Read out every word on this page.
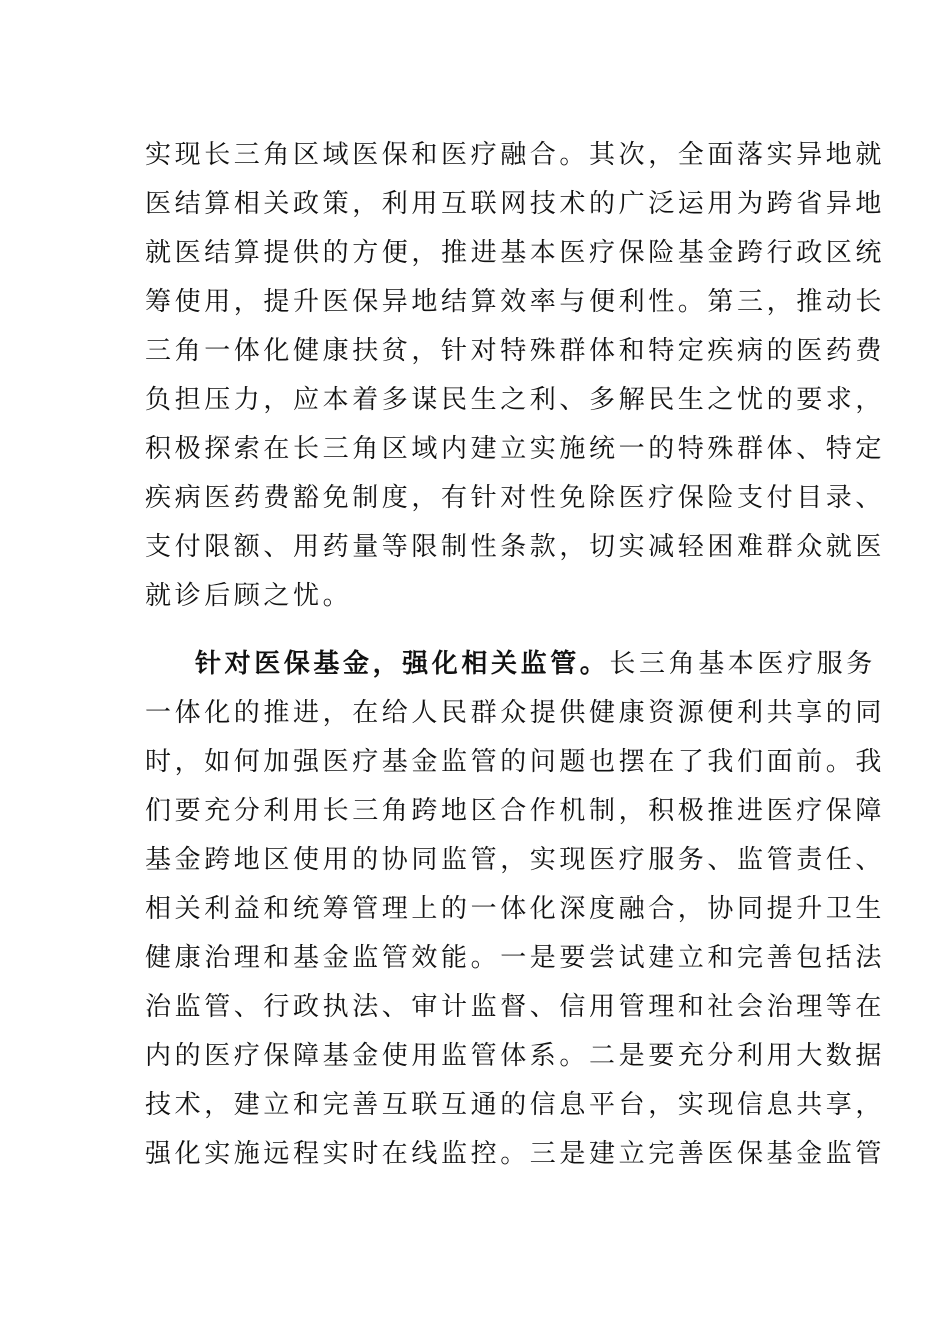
实现长三角区域医保和医疗融合。其次，全面落实异地就
医结算相关政策，利用互联网技术的广泛运用为跨省异地
就医结算提供的方便，推进基本医疗保险基金跨行政区统
筹使用，提升医保异地结算效率与便利性。第三，推动长
三角一体化健康扶贫，针对特殊群体和特定疾病的医药费
负担压力，应本着多谋民生之利、多解民生之忧的要求，
积极探索在长三角区域内建立实施统一的特殊群体、特定
疾病医药费豁免制度，有针对性免除医疗保险支付目录、
支付限额、用药量等限制性条款，切实减轻困难群众就医
就诊后顾之忧。
针对医保基金，强化相关监管。长三角基本医疗服务
一体化的推进，在给人民群众提供健康资源便利共享的同
时，如何加强医疗基金监管的问题也摆在了我们面前。我
们要充分利用长三角跨地区合作机制，积极推进医疗保障
基金跨地区使用的协同监管，实现医疗服务、监管责任、
相关利益和统筹管理上的一体化深度融合，协同提升卫生
健康治理和基金监管效能。一是要尝试建立和完善包括法
治监管、行政执法、审计监督、信用管理和社会治理等在
内的医疗保障基金使用监管体系。二是要充分利用大数据
技术，建立和完善互联互通的信息平台，实现信息共享，
强化实施远程实时在线监控。三是建立完善医保基金监管
